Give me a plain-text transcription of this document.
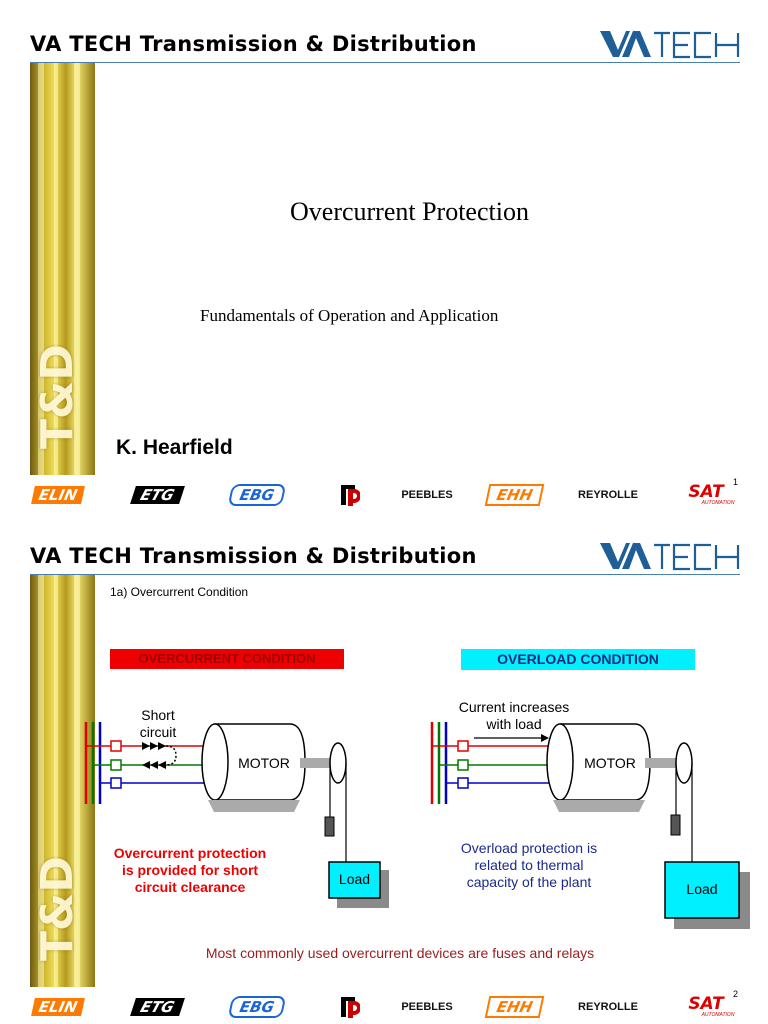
VA TECH Transmission & Distribution
T&D
Overcurrent Protection
Fundamentals of Operation and Application
K. Hearfield
1
ELIN	ETG	EBG	PEEBLES	EHH	REYROLLE	SAT
AUTOMATION
VA TECH Transmission & Distribution
T&D
1a) Overcurrent Condition
OVERCURRENT CONDITION	OVERLOAD CONDITION
Short
circuit
Current increases
with load
MOTOR	MOTOR
Load
Load
Overcurrent protection
is provided for short
circuit clearance
Overload protection is
related to thermal
capacity of the plant
Most commonly used overcurrent devices are fuses and relays
2
ELIN	ETG	EBG	PEEBLES	EHH	REYROLLE	SAT
AUTOMATION
